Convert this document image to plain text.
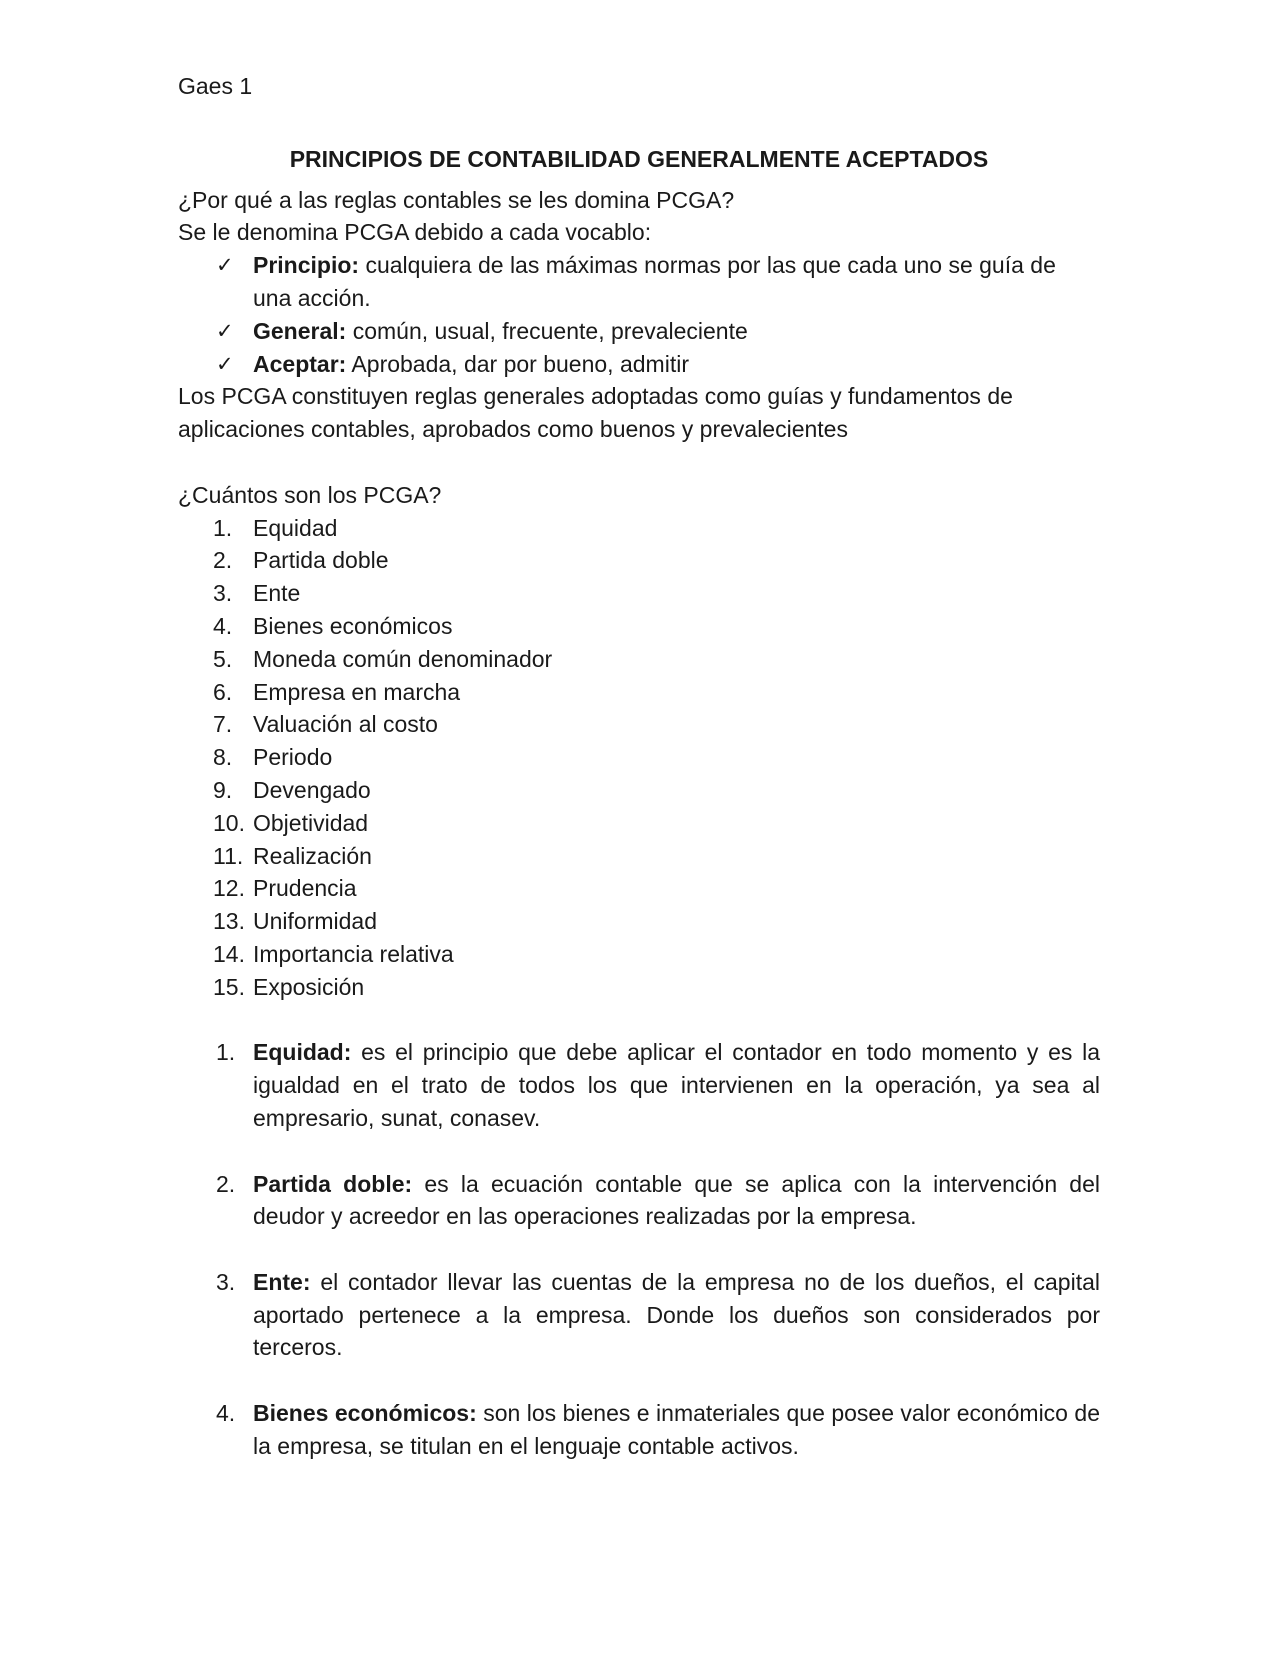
Gaes 1
PRINCIPIOS DE CONTABILIDAD GENERALMENTE ACEPTADOS
¿Por qué a las reglas contables se les domina PCGA?
Se le denomina PCGA debido a cada vocablo:
✓ Principio: cualquiera de las máximas normas por las que cada uno se guía de una acción.
✓ General: común, usual, frecuente, prevaleciente
✓ Aceptar: Aprobada, dar por bueno, admitir
Los PCGA constituyen reglas generales adoptadas como guías y fundamentos de aplicaciones contables, aprobados como buenos y prevalecientes
¿Cuántos son los PCGA?
1. Equidad
2. Partida doble
3. Ente
4. Bienes económicos
5. Moneda común denominador
6. Empresa en marcha
7. Valuación al costo
8. Periodo
9. Devengado
10. Objetividad
11. Realización
12. Prudencia
13. Uniformidad
14. Importancia relativa
15. Exposición
1. Equidad: es el principio que debe aplicar el contador en todo momento y es la igualdad en el trato de todos los que intervienen en la operación, ya sea al empresario, sunat, conasev.
2. Partida doble: es la ecuación contable que se aplica con la intervención del deudor y acreedor en las operaciones realizadas por la empresa.
3. Ente: el contador llevar las cuentas de la empresa no de los dueños, el capital aportado pertenece a la empresa. Donde los dueños son considerados por terceros.
4. Bienes económicos: son los bienes e inmateriales que posee valor económico de la empresa, se titulan en el lenguaje contable activos.
